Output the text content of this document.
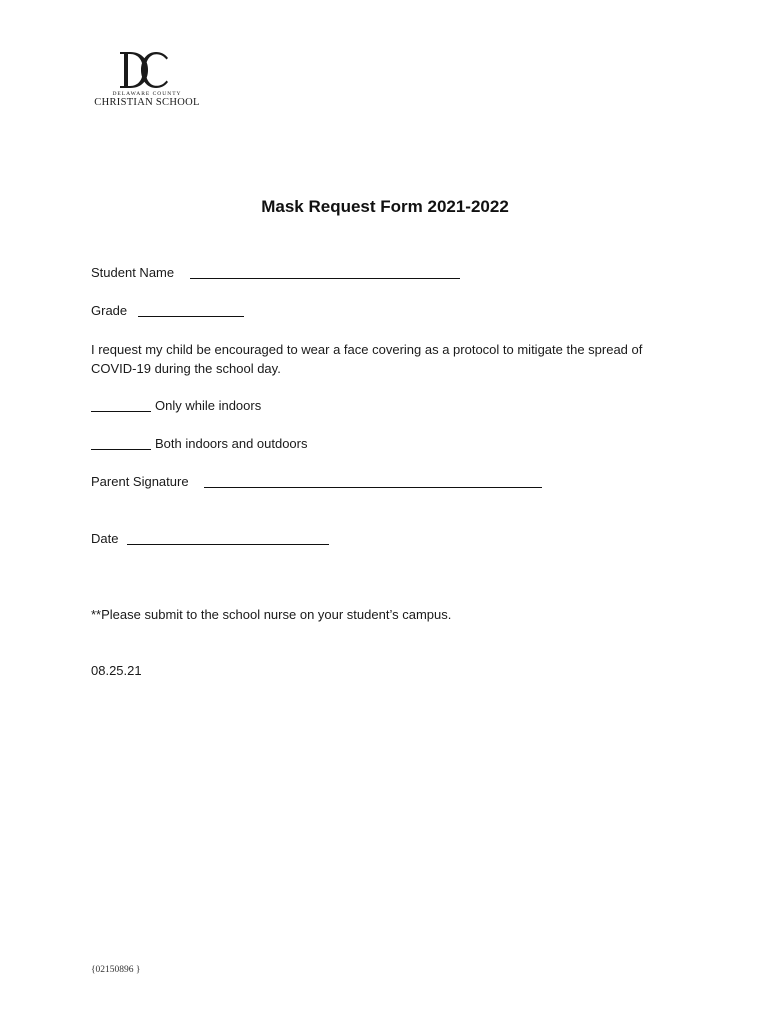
DELAWARE COUNTY
CHRISTIAN SCHOOL
Mask Request Form 2021-2022
Student Name
Grade
I request my child be encouraged to wear a face covering as a protocol to mitigate the spread of COVID-19 during the school day.
Only while indoors
Both indoors and outdoors
Parent Signature
Date
**Please submit to the school nurse on your student’s campus.
08.25.21
{02150896 }
